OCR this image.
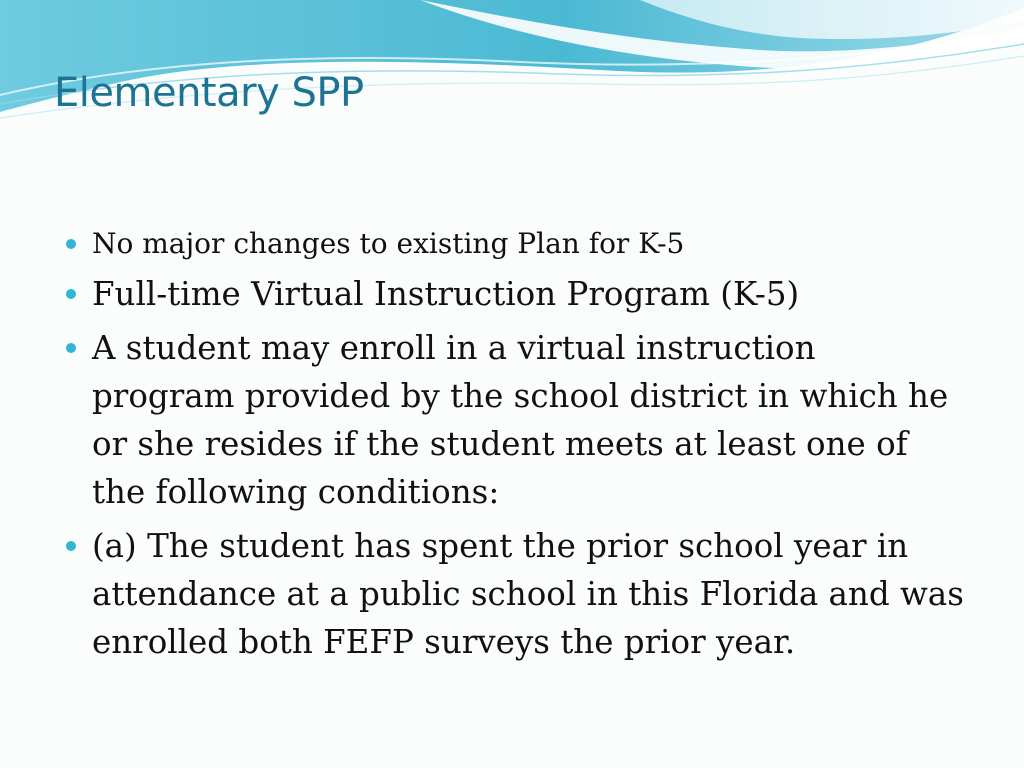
Elementary SPP
No major changes to existing Plan for K-5
Full-time Virtual Instruction Program (K-5)
A student may enroll in a virtual instruction program provided by the school district in which he or she resides if the student meets at least one of the following conditions:
(a) The student has spent the prior school year in attendance at a public school in this Florida and was enrolled both FEFP surveys the prior year.
